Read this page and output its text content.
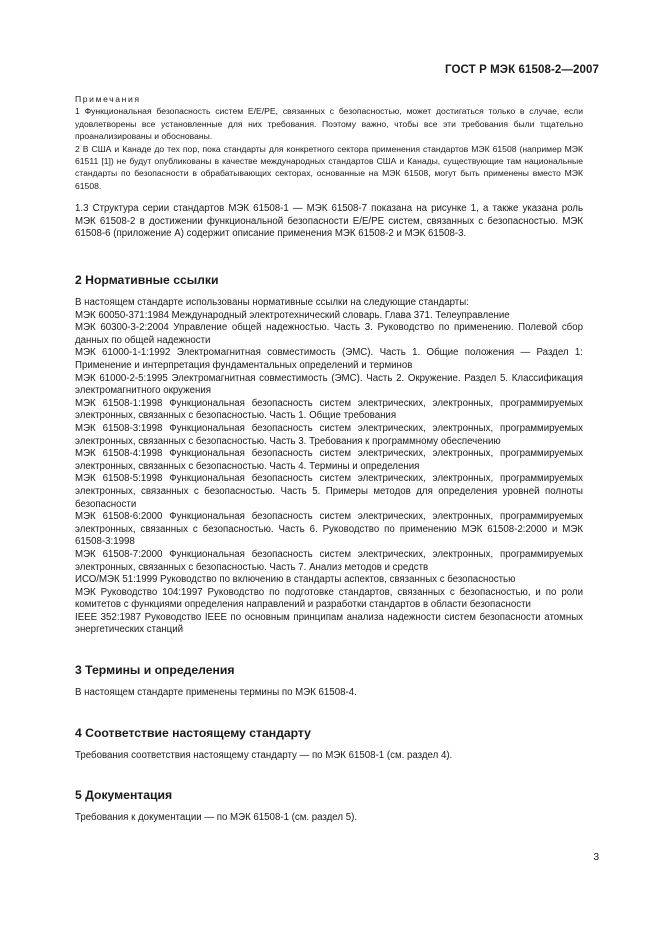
ГОСТ Р МЭК 61508-2—2007
Примечания

1 Функциональная безопасность систем Е/Е/РЕ, связанных с безопасностью, может достигаться только в случае, если удовлетворены все установленные для них требования. Поэтому важно, чтобы все эти требования были тщательно проанализированы и обоснованы.

2 В США и Канаде до тех пор, пока стандарты для конкретного сектора применения стандартов МЭК 61508 (например МЭК 61511 [1]) не будут опубликованы в качестве международных стандартов США и Канады, существующие там национальные стандарты по безопасности в обрабатывающих секторах, основанные на МЭК 61508, могут быть применены вместо МЭК 61508.

1.3 Структура серии стандартов МЭК 61508-1 — МЭК 61508-7 показана на рисунке 1, а также указана роль МЭК 61508-2 в достижении функциональной безопасности Е/Е/РЕ систем, связанных с безопасностью. МЭК 61508-6 (приложение А) содержит описание применения МЭК 61508-2 и МЭК 61508-3.

2 Нормативные ссылки

В настоящем стандарте использованы нормативные ссылки на следующие стандарты:

МЭК 60050-371:1984 Международный электротехнический словарь. Глава 371. Телеуправление

МЭК 60300-3-2:2004 Управление общей надежностью. Часть 3. Руководство по применению. Полевой сбор данных по общей надежности

МЭК 61000-1-1:1992 Электромагнитная совместимость (ЭМС). Часть 1. Общие положения — Раздел 1: Применение и интерпретация фундаментальных определений и терминов

МЭК 61000-2-5:1995 Электромагнитная совместимость (ЭМС). Часть 2. Окружение. Раздел 5. Классификация электромагнитного окружения

МЭК 61508-1:1998 Функциональная безопасность систем электрических, электронных, программируемых электронных, связанных с безопасностью. Часть 1. Общие требования

МЭК 61508-3:1998 Функциональная безопасность систем электрических, электронных, программируемых электронных, связанных с безопасностью. Часть 3. Требования к программному обеспечению

МЭК 61508-4:1998 Функциональная безопасность систем электрических, электронных, программируемых электронных, связанных с безопасностью. Часть 4. Термины и определения

МЭК 61508-5:1998 Функциональная безопасность систем электрических, электронных, программируемых электронных, связанных с безопасностью. Часть 5. Примеры методов для определения уровней полноты безопасности

МЭК 61508-6:2000 Функциональная безопасность систем электрических, электронных, программируемых электронных, связанных с безопасностью. Часть 6. Руководство по применению МЭК 61508-2:2000 и МЭК 61508-3:1998

МЭК 61508-7:2000 Функциональная безопасность систем электрических, электронных, программируемых электронных, связанных с безопасностью. Часть 7. Анализ методов и средств

ИСО/МЭК 51:1999 Руководство по включению в стандарты аспектов, связанных с безопасностью

МЭК Руководство 104:1997 Руководство по подготовке стандартов, связанных с безопасностью, и по роли комитетов с функциями определения направлений и разработки стандартов в области безопасности

IEEE 352:1987 Руководство IEEE по основным принципам анализа надежности систем безопасности атомных энергетических станций

3 Термины и определения

В настоящем стандарте применены термины по МЭК 61508-4.

4 Соответствие настоящему стандарту

Требования соответствия настоящему стандарту — по МЭК 61508-1 (см. раздел 4).

5 Документация

Требования к документации — по МЭК 61508-1 (см. раздел 5).

3
